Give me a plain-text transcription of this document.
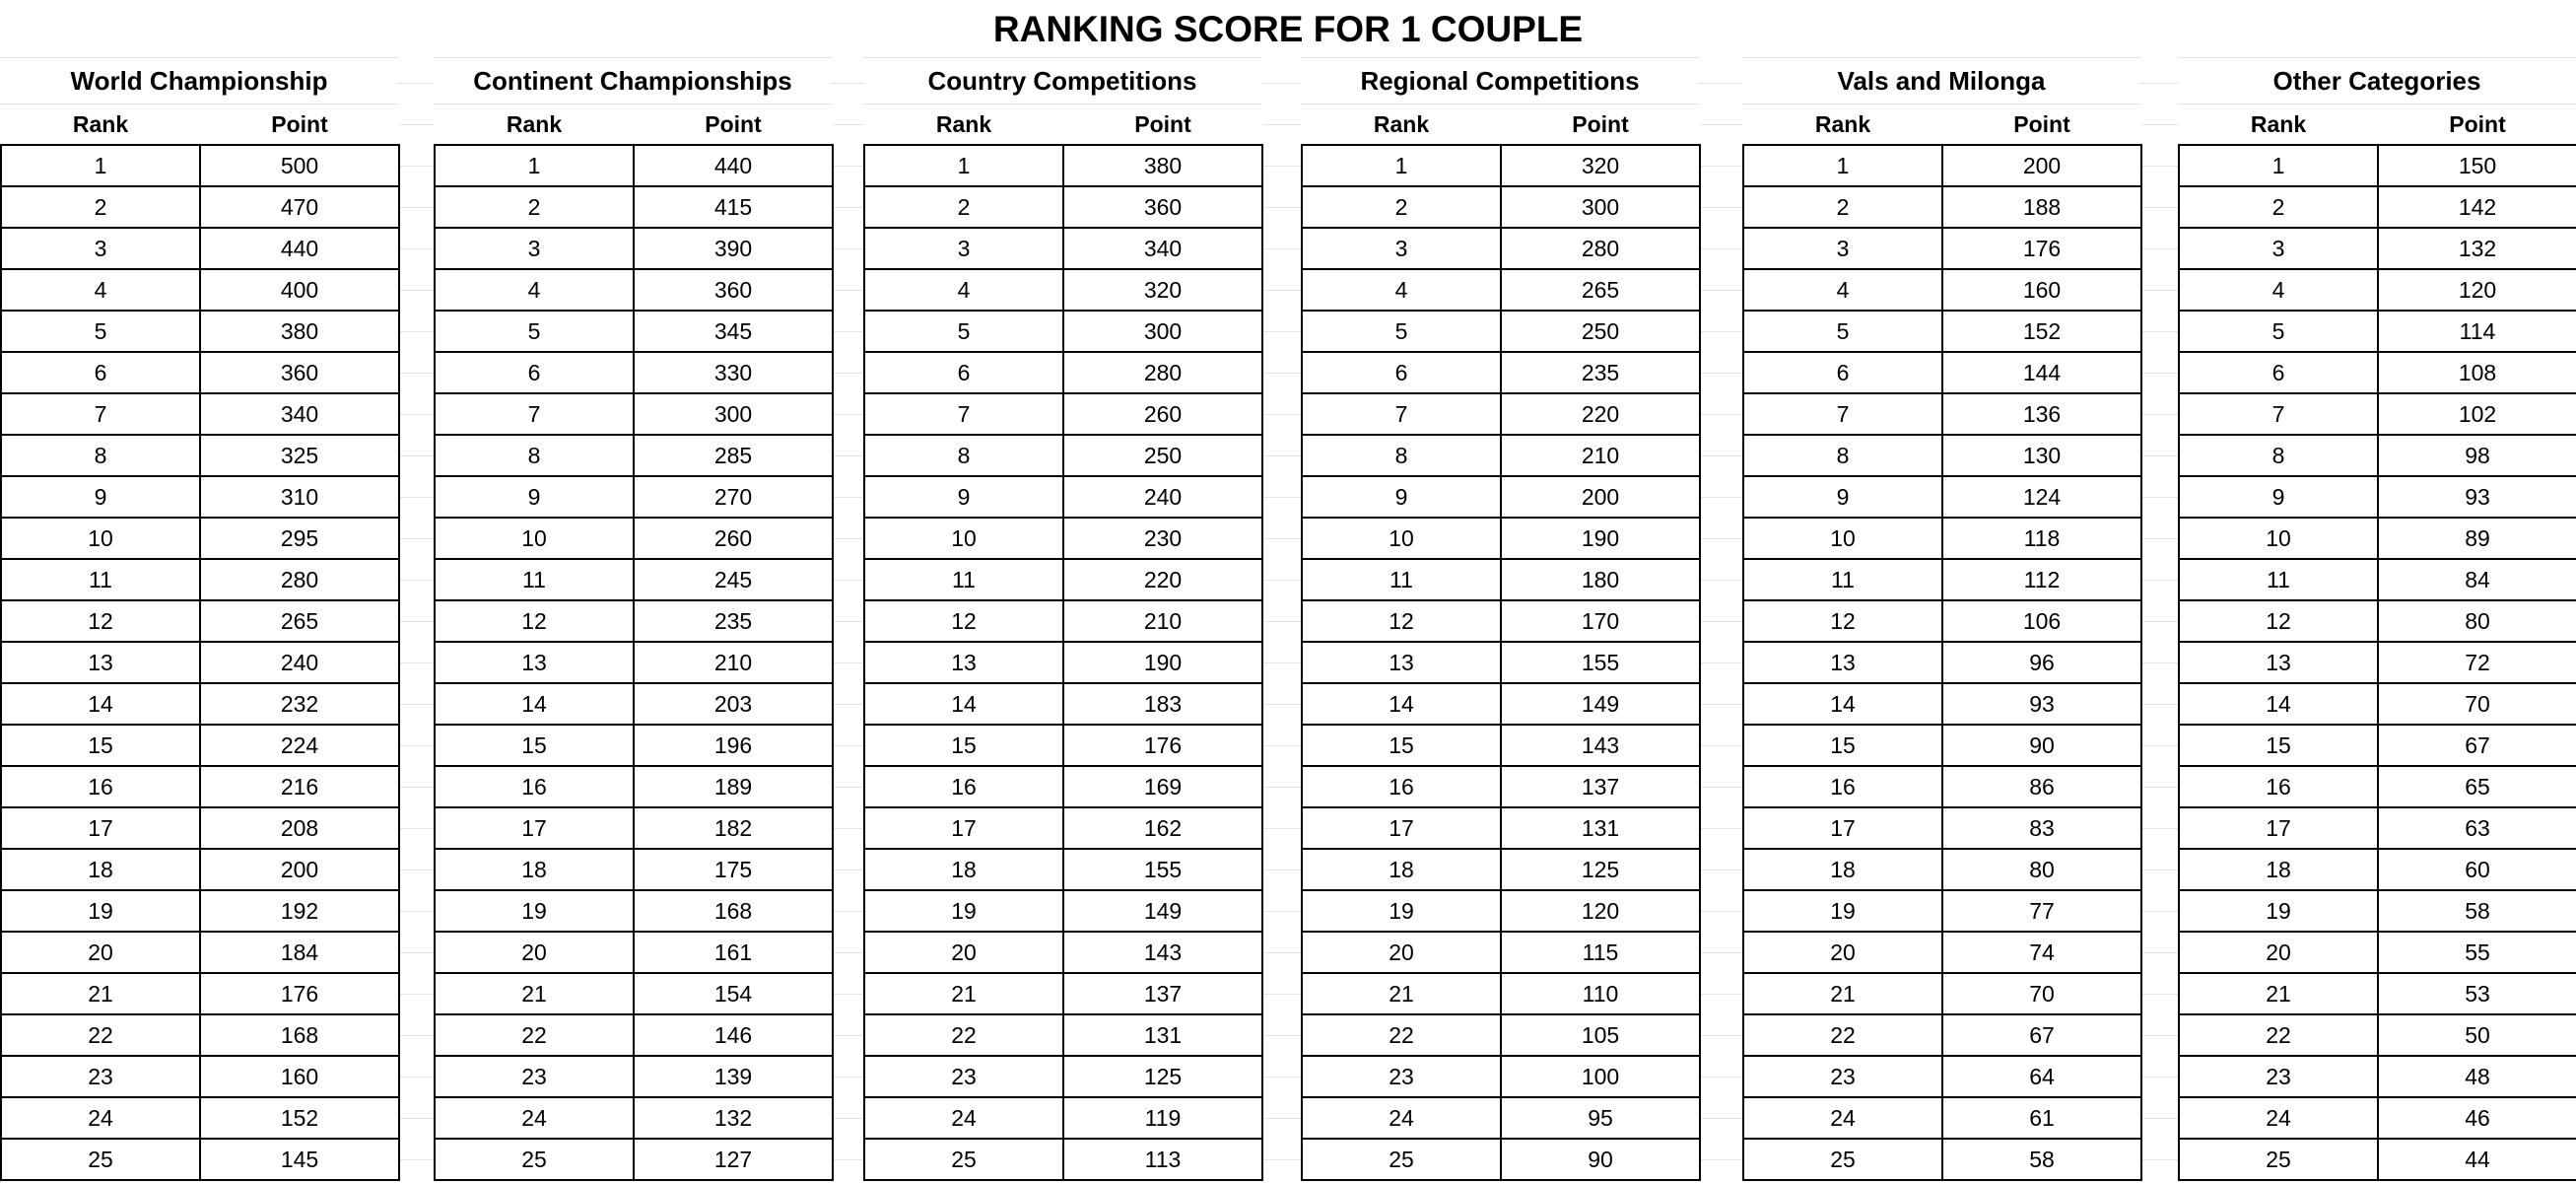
RANKING SCORE FOR 1 COUPLE
World Championship
Rank	Point
1	500
2	470
3	440
4	400
5	380
6	360
7	340
8	325
9	310
10	295
11	280
12	265
13	240
14	232
15	224
16	216
17	208
18	200
19	192
20	184
21	176
22	168
23	160
24	152
25	145
Continent Championships
Rank	Point
1	440
2	415
3	390
4	360
5	345
6	330
7	300
8	285
9	270
10	260
11	245
12	235
13	210
14	203
15	196
16	189
17	182
18	175
19	168
20	161
21	154
22	146
23	139
24	132
25	127
Country Competitions
Rank	Point
1	380
2	360
3	340
4	320
5	300
6	280
7	260
8	250
9	240
10	230
11	220
12	210
13	190
14	183
15	176
16	169
17	162
18	155
19	149
20	143
21	137
22	131
23	125
24	119
25	113
Regional Competitions
Rank	Point
1	320
2	300
3	280
4	265
5	250
6	235
7	220
8	210
9	200
10	190
11	180
12	170
13	155
14	149
15	143
16	137
17	131
18	125
19	120
20	115
21	110
22	105
23	100
24	95
25	90
Vals and Milonga
Rank	Point
1	200
2	188
3	176
4	160
5	152
6	144
7	136
8	130
9	124
10	118
11	112
12	106
13	96
14	93
15	90
16	86
17	83
18	80
19	77
20	74
21	70
22	67
23	64
24	61
25	58
Other Categories
Rank	Point
1	150
2	142
3	132
4	120
5	114
6	108
7	102
8	98
9	93
10	89
11	84
12	80
13	72
14	70
15	67
16	65
17	63
18	60
19	58
20	55
21	53
22	50
23	48
24	46
25	44
